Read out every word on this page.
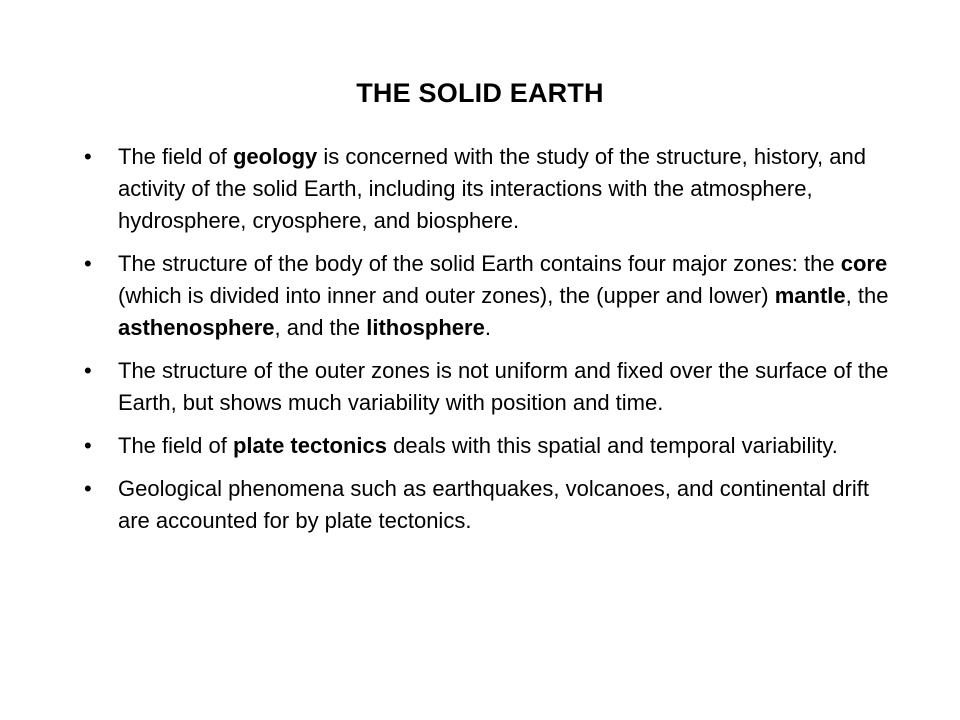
THE SOLID EARTH
•	The field of geology is concerned with the study of the structure, history, and activity of the solid Earth, including its interactions with the atmosphere, hydrosphere, cryosphere, and biosphere.
•	The structure of the body of the solid Earth contains four major zones: the core (which is divided into inner and outer zones), the (upper and lower) mantle, the asthenosphere, and the lithosphere.
•	The structure of the outer zones is not uniform and fixed over the surface of the Earth, but shows much variability with position and time.
•	The field of plate tectonics deals with this spatial and temporal variability.
•	Geological phenomena such as earthquakes, volcanoes, and continental drift are accounted for by plate tectonics.
